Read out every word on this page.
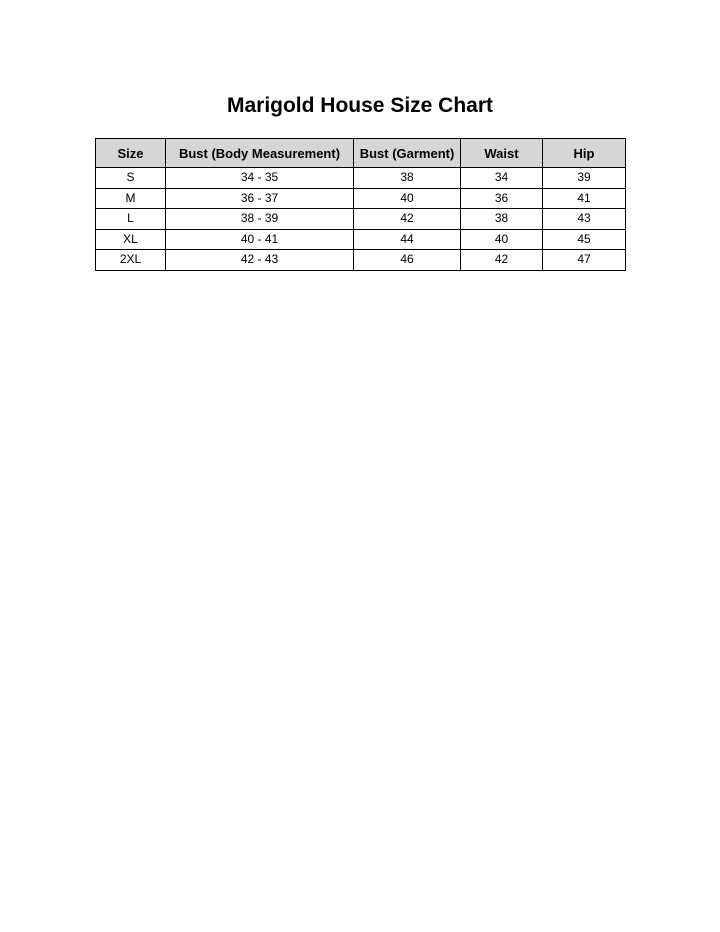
Marigold House Size Chart
Size	Bust (Body Measurement)	Bust (Garment)	Waist	Hip
S	34 - 35	38	34	39
M	36 - 37	40	36	41
L	38 - 39	42	38	43
XL	40 - 41	44	40	45
2XL	42 - 43	46	42	47
